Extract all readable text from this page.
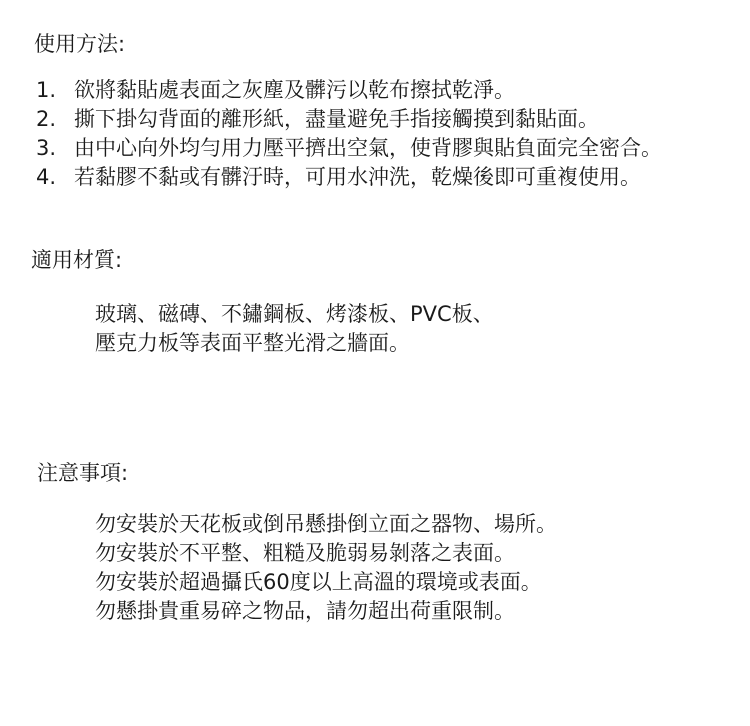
使用方法:
1. 欲將黏貼處表面之灰塵及髒污以乾布擦拭乾淨。
2. 撕下掛勾背面的離形紙，盡量避免手指接觸摸到黏貼面。
3. 由中心向外均勻用力壓平擠出空氣，使背膠與貼負面完全密合。
4. 若黏膠不黏或有髒汙時，可用水沖洗，乾燥後即可重複使用。
適用材質:
玻璃、磁磚、不鏽鋼板、烤漆板、PVC板、
壓克力板等表面平整光滑之牆面。
注意事項:
勿安裝於天花板或倒吊懸掛倒立面之器物、場所。
勿安裝於不平整、粗糙及脆弱易剝落之表面。
勿安裝於超過攝氏60度以上高溫的環境或表面。
勿懸掛貴重易碎之物品，請勿超出荷重限制。
